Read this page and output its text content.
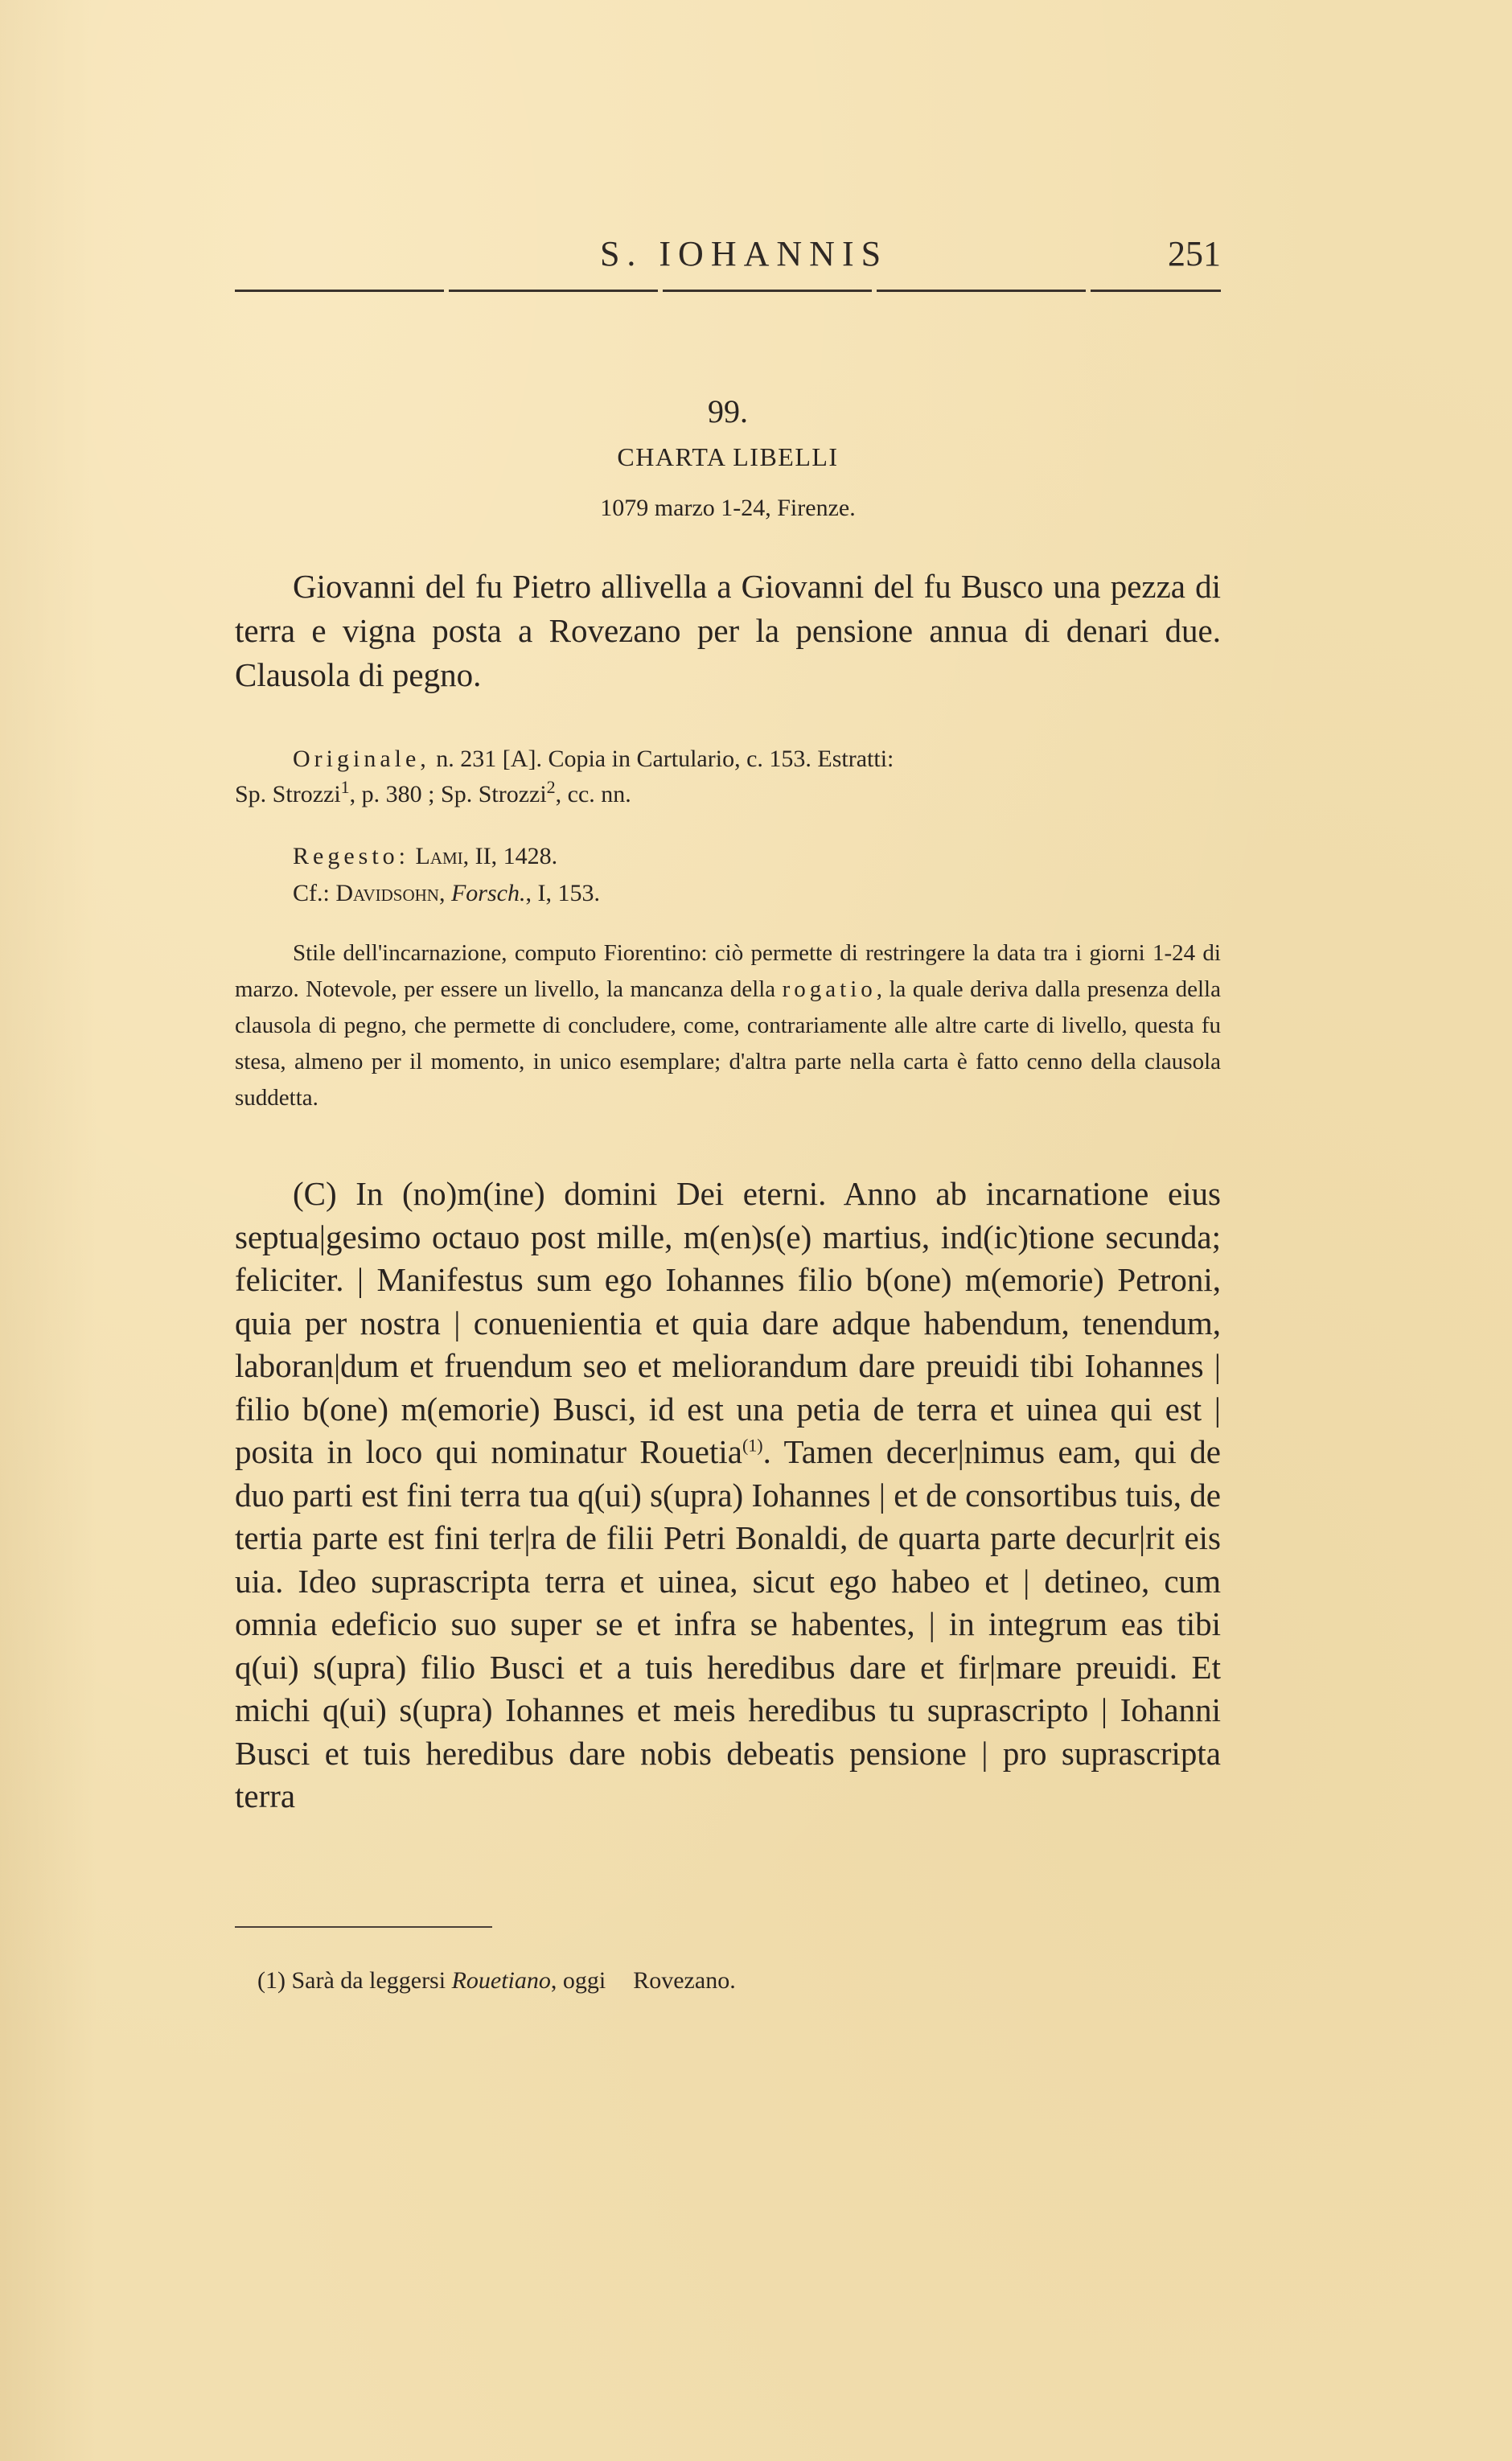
S. IOHANNIS	251
99.
CHARTA LIBELLI
1079 marzo 1-24, Firenze.

Giovanni del fu Pietro allivella a Giovanni del fu Busco una pezza di terra e vigna posta a Rovezano per la pensione annua di denari due. Clausola di pegno.

Originale, n. 231 [A]. Copia in Cartulario, c. 153. Estratti:

Sp. Strozzi$^1$, p. 380 ; Sp. Strozzi$^2$, cc. nn.

Regesto: Lami, II, 1428.

Cf.: Davidsohn, Forsch., I, 153.

Stile dell'incarnazione, computo Fiorentino: ciò permette di restringere la data tra i giorni 1-24 di marzo. Notevole, per essere un livello, la mancanza della rogatio, la quale deriva dalla presenza della clausola di pegno, che permette di concludere, come, contrariamente alle altre carte di livello, questa fu stesa, almeno per il momento, in unico esemplare; d'altra parte nella carta è fatto cenno della clausola suddetta.

(C) In (no)m(ine) domini Dei eterni. Anno ab incarnatione eius septua|gesimo octauo post mille, m(en)s(e) martius, ind(ic)tione secunda; feliciter. | Manifestus sum ego Iohannes filio b(one) m(emorie) Petroni, quia per nostra | conuenientia et quia dare adque habendum, tenendum, laboran|dum et fruendum seo et meliorandum dare preuidi tibi Iohannes | filio b(one) m(emorie) Busci, id est una petia de terra et uinea qui est | posita in loco qui nominatur Rouetia$^{(1)}$. Tamen decer|nimus eam, qui de duo parti est fini terra tua q(ui) s(upra) Iohannes | et de consortibus tuis, de tertia parte est fini ter|ra de filii Petri Bonaldi, de quarta parte decur|rit eis uia. Ideo suprascripta terra et uinea, sicut ego habeo et | detineo, cum omnia edeficio suo super se et infra se habentes, | in integrum eas tibi q(ui) s(upra) filio Busci et a tuis heredibus dare et fir|mare preuidi. Et michi q(ui) s(upra) Iohannes et meis heredibus tu suprascripto | Iohanni Busci et tuis heredibus dare nobis debeatis pensione | pro suprascripta terra

(1) Sarà da leggersi Rouetiano, oggi Rovezano.
